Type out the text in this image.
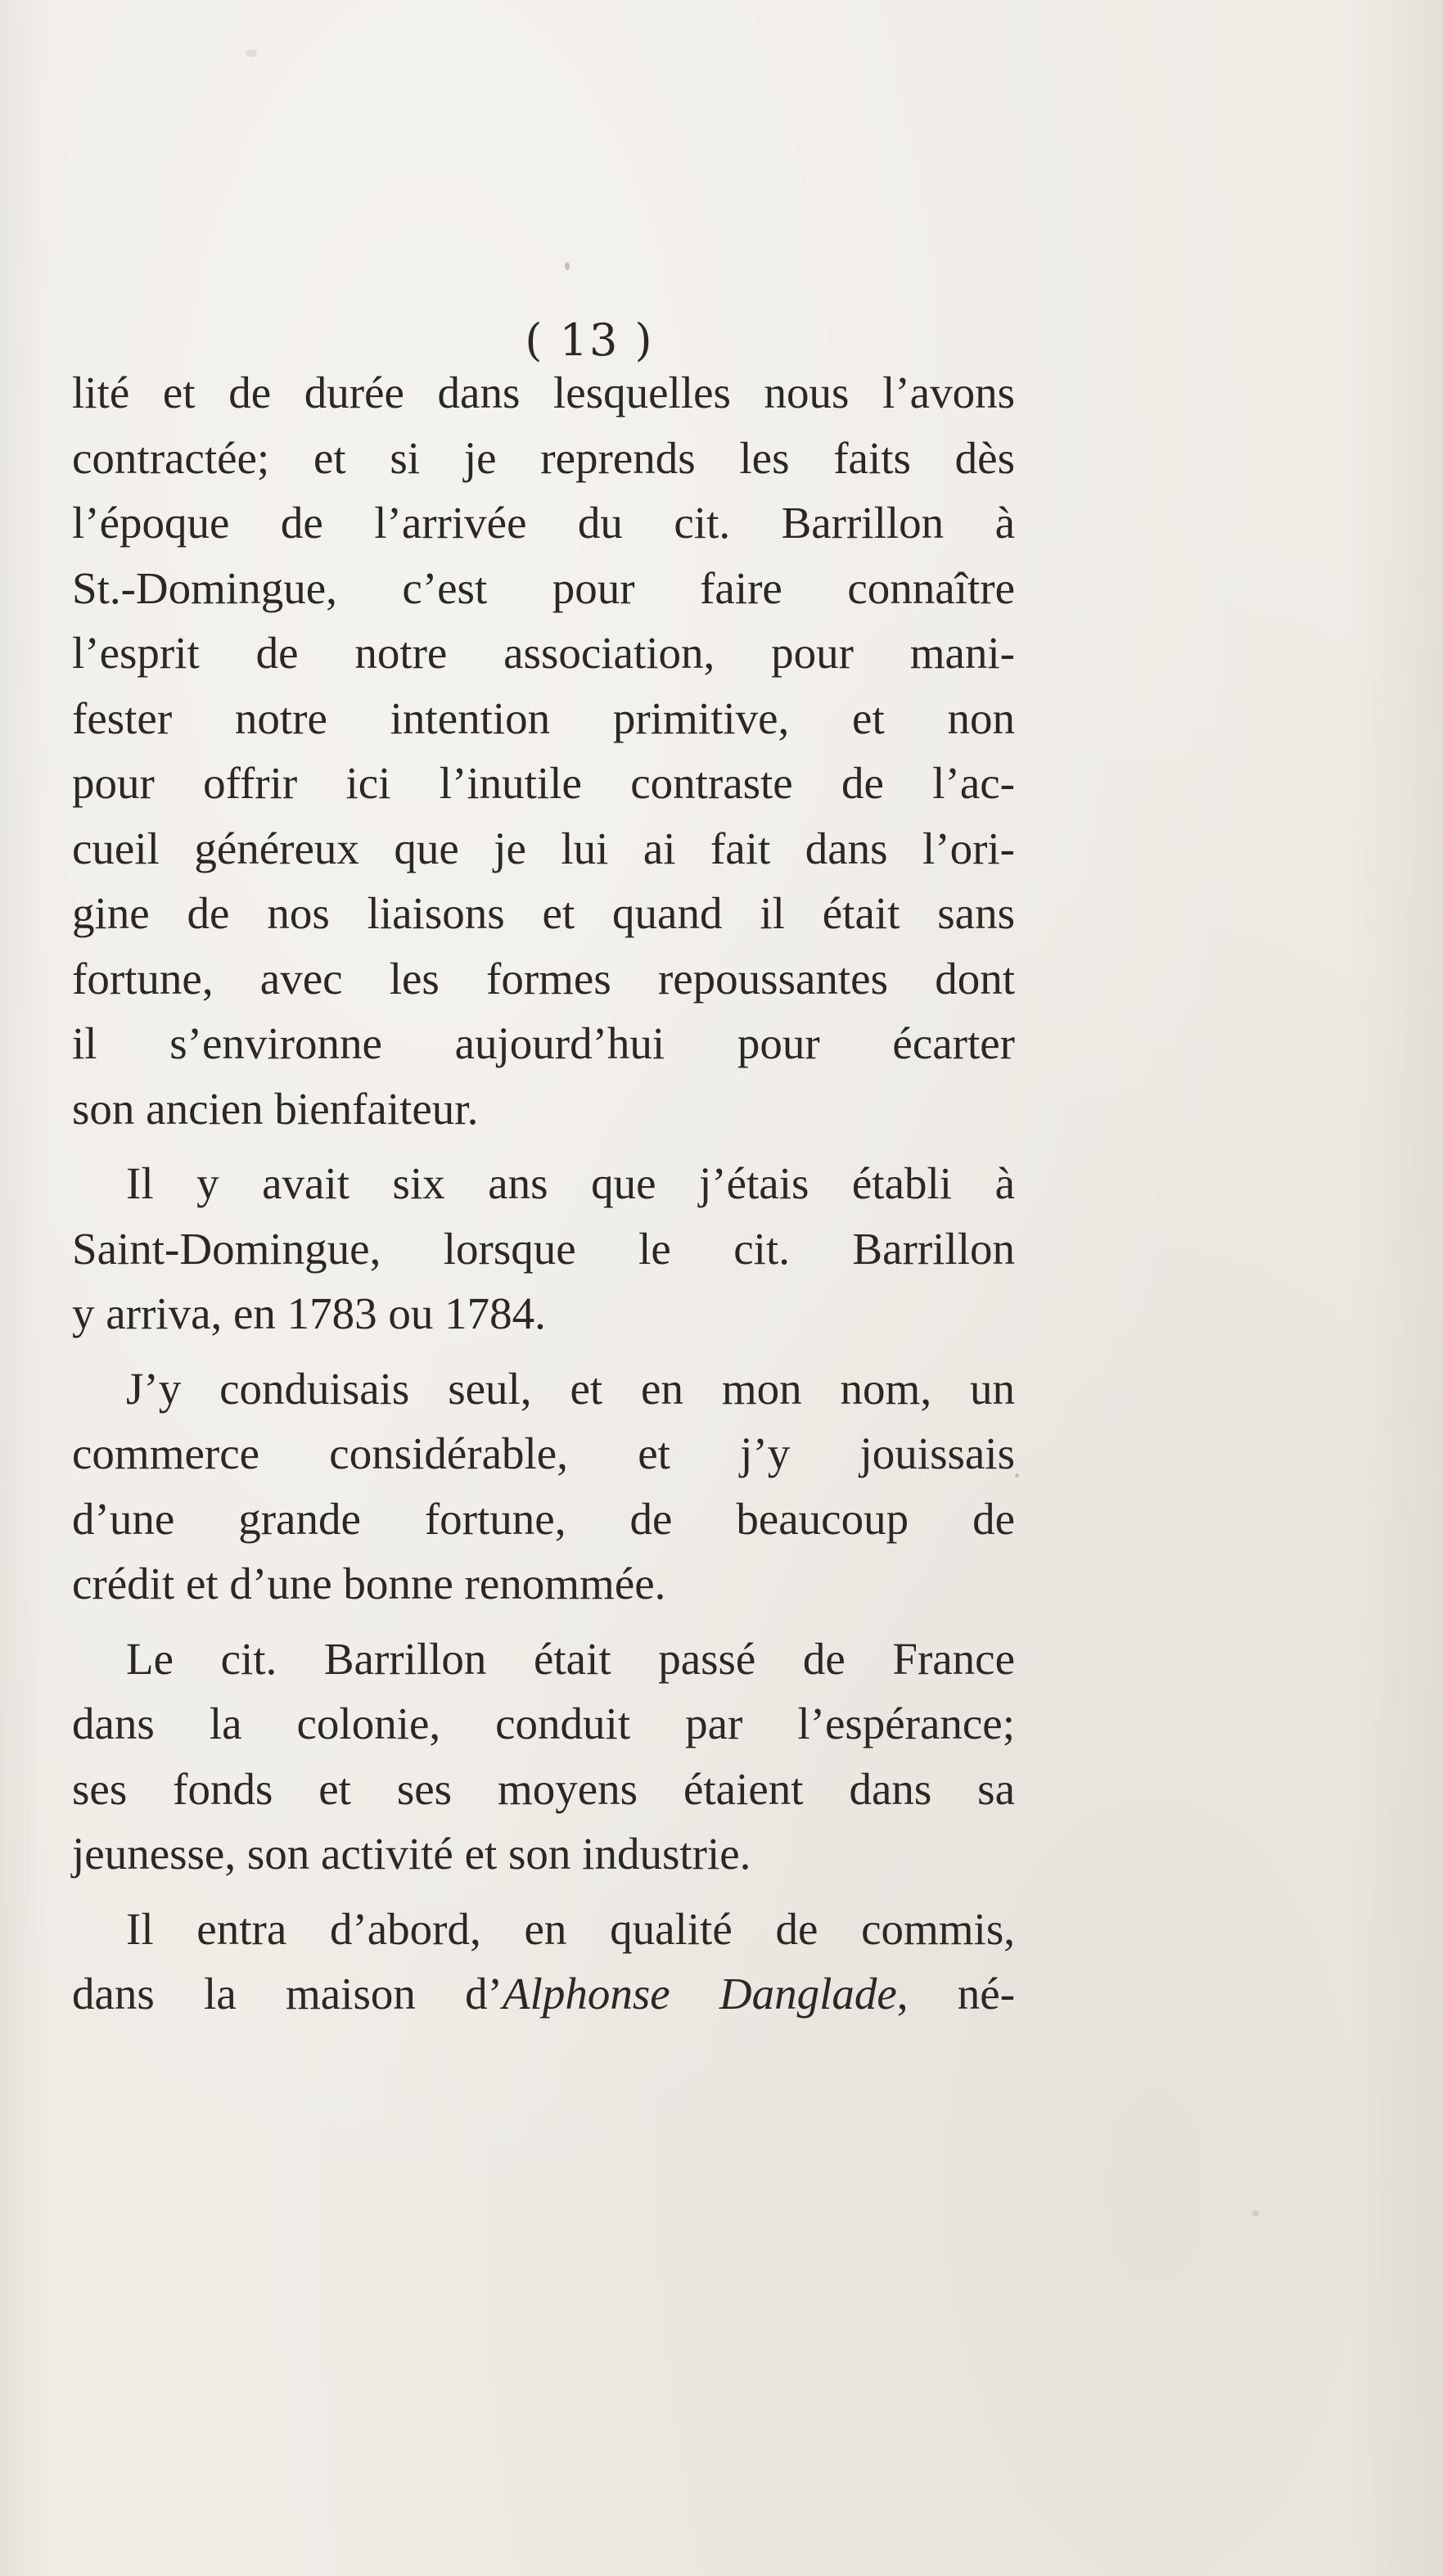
( 13 )
lité et de durée dans lesquelles nous l’avons
contractée; et si je reprends les faits dès
l’époque de l’arrivée du cit. Barrillon à
St.-Domingue, c’est pour faire connaître
l’esprit de notre association, pour mani-
fester notre intention primitive, et non
pour offrir ici l’inutile contraste de l’ac-
cueil généreux que je lui ai fait dans l’ori-
gine de nos liaisons et quand il était sans
fortune, avec les formes repoussantes dont
il s’environne aujourd’hui pour écarter
son ancien bienfaiteur.
Il y avait six ans que j’étais établi à
Saint-Domingue, lorsque le cit. Barrillon
y arriva, en 1783 ou 1784.
J’y conduisais seul, et en mon nom, un
commerce considérable, et j’y jouissais
d’une grande fortune, de beaucoup de
crédit et d’une bonne renommée.
Le cit. Barrillon était passé de France
dans la colonie, conduit par l’espérance;
ses fonds et ses moyens étaient dans sa
jeunesse, son activité et son industrie.
Il entra d’abord, en qualité de commis,
dans la maison d’Alphonse Danglade, né-
